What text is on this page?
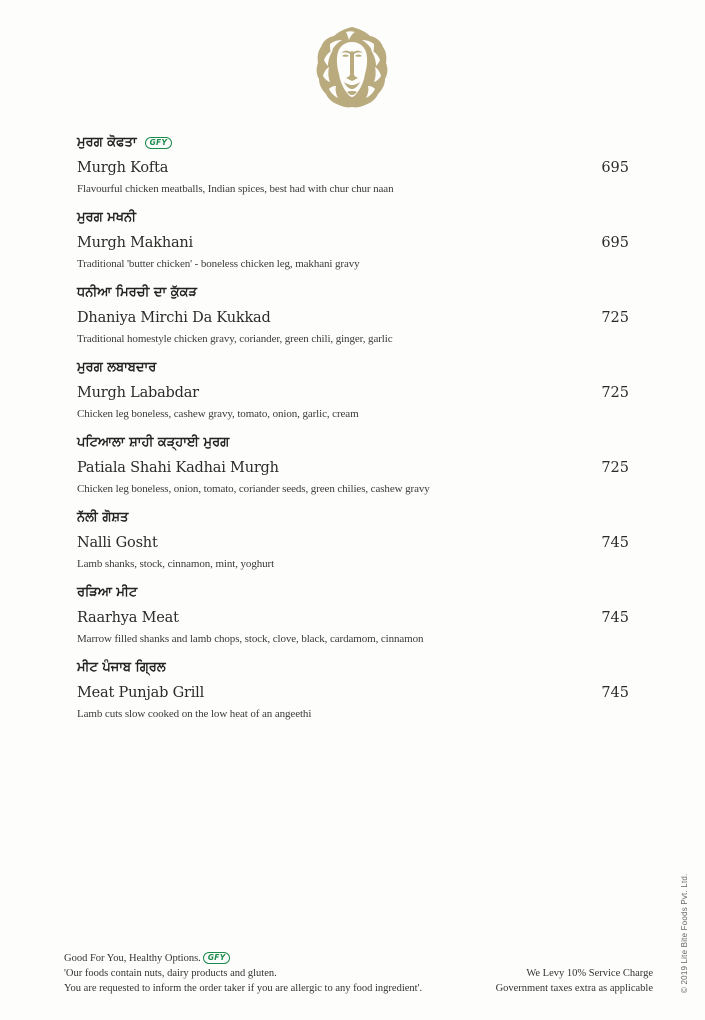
ਮੁਰਗ ਕੋਫਤਾ	GFY
Murgh Kofta	695
Flavourful chicken meatballs, Indian spices, best had with chur chur naan
ਮੁਰਗ ਮਖਨੀ
Murgh Makhani	695
Traditional 'butter chicken' - boneless chicken leg, makhani gravy
ਧਨੀਆ ਮਿਰਚੀ ਦਾ ਕੁੱਕੜ
Dhaniya Mirchi Da Kukkad	725
Traditional homestyle chicken gravy, coriander, green chili, ginger, garlic
ਮੁਰਗ ਲਬਾਬਦਾਰ
Murgh Lababdar	725
Chicken leg boneless, cashew gravy, tomato, onion, garlic, cream
ਪਟਿਆਲਾ ਸ਼ਾਹੀ ਕੜ੍ਹਾਈ ਮੁਰਗ
Patiala Shahi Kadhai Murgh	725
Chicken leg boneless, onion, tomato, coriander seeds, green chilies, cashew gravy
ਨੱਲੀ ਗੋਸ਼ਤ
Nalli Gosht	745
Lamb shanks, stock, cinnamon, mint, yoghurt
ਰੜਿਆ ਮੀਟ
Raarhya Meat	745
Marrow filled shanks and lamb chops, stock, clove, black, cardamom, cinnamon
ਮੀਟ ਪੰਜਾਬ ਗ੍ਰਿਲ
Meat Punjab Grill	745
Lamb cuts slow cooked on the low heat of an angeethi
Good For You, Healthy Options. GFY
'Our foods contain nuts, dairy products and gluten.
You are requested to inform the order taker if you are allergic to any food ingredient'.
We Levy 10% Service Charge
Government taxes extra as applicable	© 2019 Lite Bite Foods Pvt. Ltd.
